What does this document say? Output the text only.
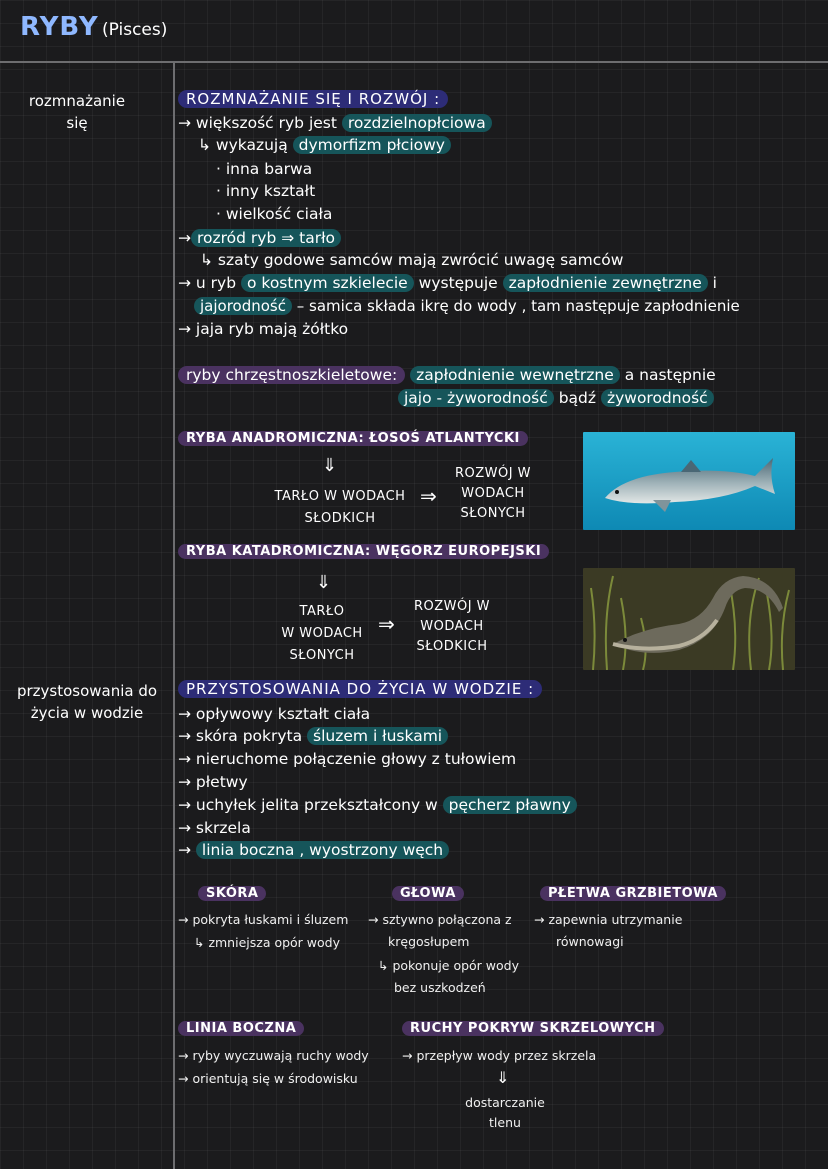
RYBY (Pisces)
rozmnażanie
się
przystosowania do
życia w wodzie
ROZMNAŻANIE SIĘ I ROZWÓJ :
→ większość ryb jest rozdzielnopłciowa
↳ wykazują dymorfizm płciowy
· inna barwa
· inny kształt
· wielkość ciała
→ rozród ryb ⇒ tarło
↳ szaty godowe samców mają zwrócić uwagę samców
→ u ryb o kostnym szkielecie występuje zapłodnienie zewnętrzne i
jajorodność – samica składa ikrę do wody , tam następuje zapłodnienie
→ jaja ryb mają żółtko
ryby chrzęstnoszkieletowe: zapłodnienie wewnętrzne a następnie
jajo - żyworodność bądź żyworodność
RYBA ANADROMICZNA: ŁOSOŚ ATLANTYCKI
⇓
TARŁO W WODACH
SŁODKICH
⇒
ROZWÓJ W
WODACH
SŁONYCH
RYBA KATADROMICZNA: WĘGORZ EUROPEJSKI
⇓
TARŁO
W WODACH
SŁONYCH
⇒
ROZWÓJ W
WODACH
SŁODKICH
PRZYSTOSOWANIA DO ŻYCIA W WODZIE :
→ opływowy kształt ciała
→ skóra pokryta śluzem i łuskami
→ nieruchome połączenie głowy z tułowiem
→ płetwy
→ uchyłek jelita przekształcony w pęcherz pławny
→ skrzela
→ linia boczna , wyostrzony węch
SKÓRA
→ pokryta łuskami i śluzem
↳ zmniejsza opór wody
GŁOWA
→ sztywno połączona z
kręgosłupem
↳ pokonuje opór wody
bez uszkodzeń
PŁETWA GRZBIETOWA
→ zapewnia utrzymanie
równowagi
LINIA BOCZNA
→ ryby wyczuwają ruchy wody
→ orientują się w środowisku
RUCHY POKRYW SKRZELOWYCH
→ przepływ wody przez skrzela
⇓
dostarczanie
tlenu
